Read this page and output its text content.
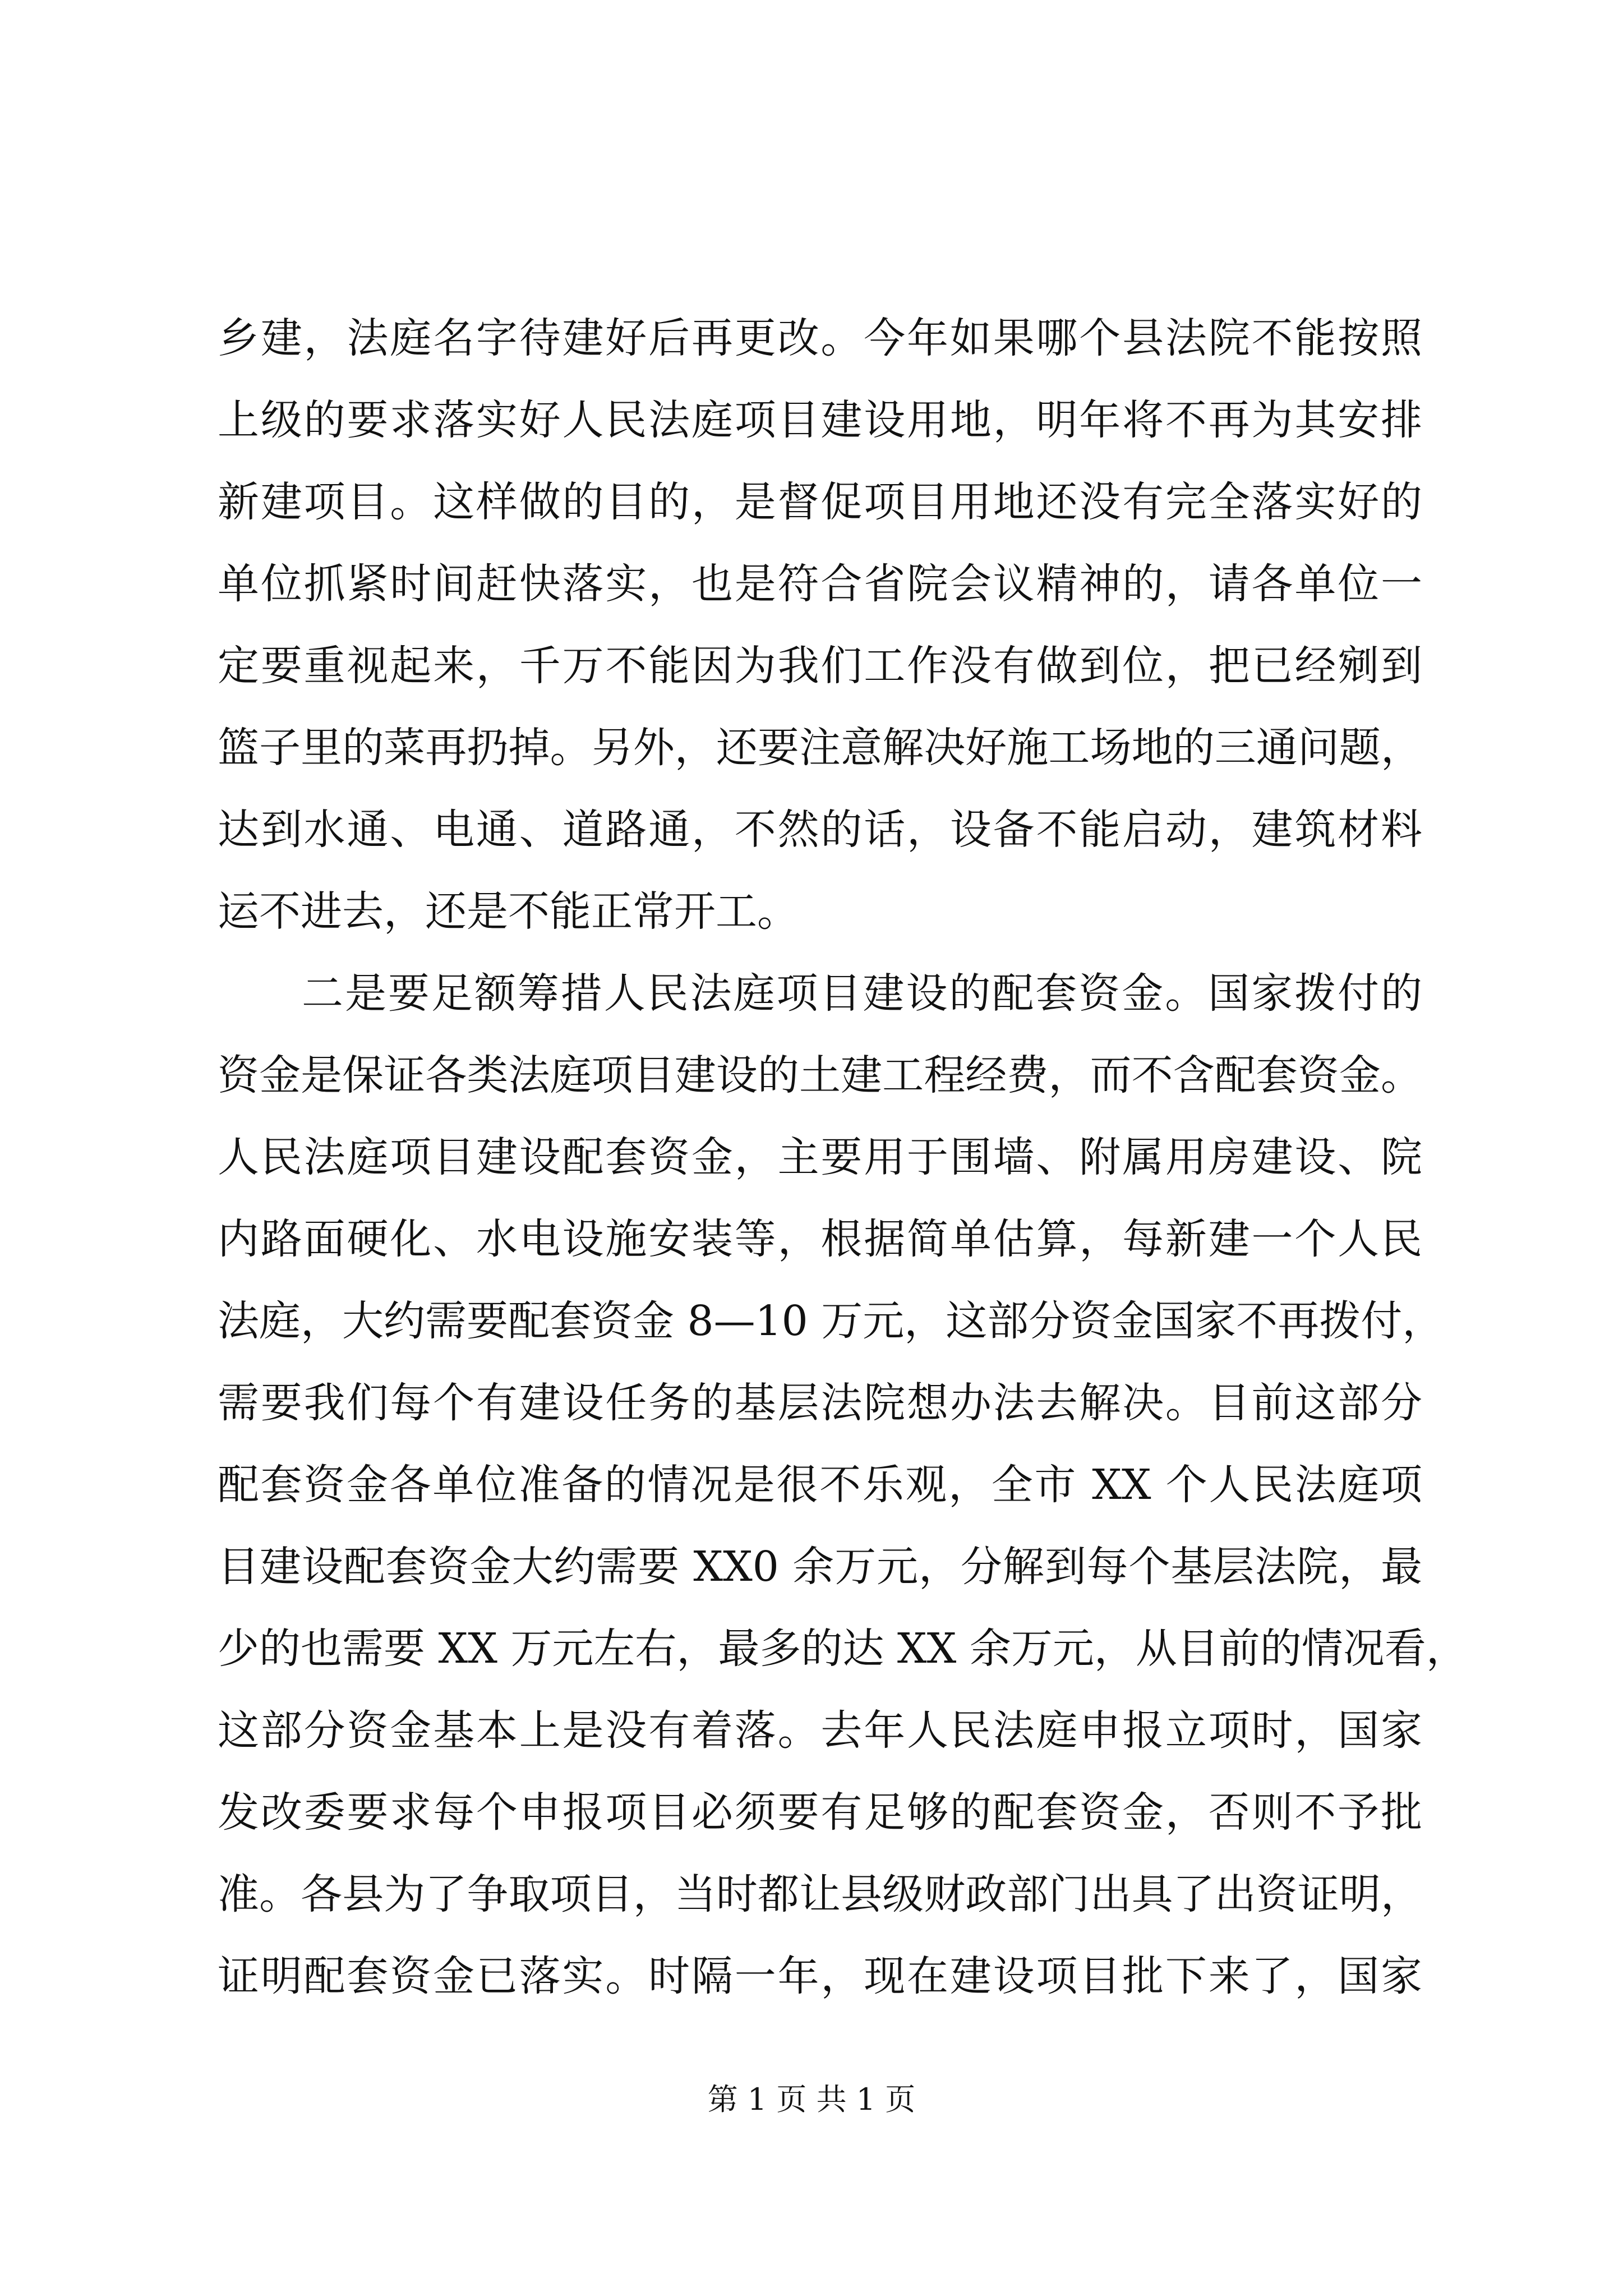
乡建，法庭名字待建好后再更改。今年如果哪个县法院不能按照
上级的要求落实好人民法庭项目建设用地，明年将不再为其安排
新建项目。这样做的目的，是督促项目用地还没有完全落实好的
单位抓紧时间赶快落实，也是符合省院会议精神的，请各单位一
定要重视起来，千万不能因为我们工作没有做到位，把已经剜到
篮子里的菜再扔掉。另外，还要注意解决好施工场地的三通问题，
达到水通、电通、道路通，不然的话，设备不能启动，建筑材料
运不进去，还是不能正常开工。
二是要足额筹措人民法庭项目建设的配套资金。国家拨付的
资金是保证各类法庭项目建设的土建工程经费，而不含配套资金。
人民法庭项目建设配套资金，主要用于围墙、附属用房建设、院
内路面硬化、水电设施安装等，根据简单估算，每新建一个人民
法庭，大约需要配套资金 8—10 万元，这部分资金国家不再拨付，
需要我们每个有建设任务的基层法院想办法去解决。目前这部分
配套资金各单位准备的情况是很不乐观，全市 XX 个人民法庭项
目建设配套资金大约需要 XX0 余万元，分解到每个基层法院，最
少的也需要 XX 万元左右，最多的达 XX 余万元，从目前的情况看，
这部分资金基本上是没有着落。去年人民法庭申报立项时，国家
发改委要求每个申报项目必须要有足够的配套资金，否则不予批
准。各县为了争取项目，当时都让县级财政部门出具了出资证明，
证明配套资金已落实。时隔一年，现在建设项目批下来了，国家
第 1 页 共 1 页
